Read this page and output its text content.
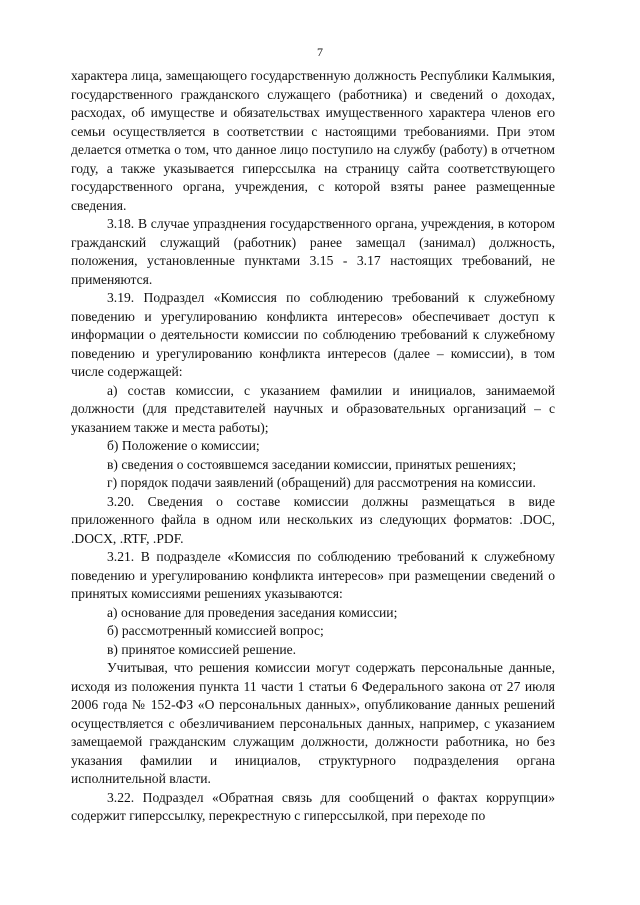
7

характера лица, замещающего государственную должность Республики Калмыкия, государственного гражданского служащего (работника) и сведений о доходах, расходах, об имуществе и обязательствах имущественного характера членов его семьи осуществляется в соответствии с настоящими требованиями. При этом делается отметка о том, что данное лицо поступило на службу (работу) в отчетном году, а также указывается гиперссылка на страницу сайта соответствующего государственного органа, учреждения, с которой взяты ранее размещенные сведения.

3.18. В случае упразднения государственного органа, учреждения, в котором гражданский служащий (работник) ранее замещал (занимал) должность, положения, установленные пунктами 3.15 - 3.17 настоящих требований, не применяются.

3.19. Подраздел «Комиссия по соблюдению требований к служебному поведению и урегулированию конфликта интересов» обеспечивает доступ к информации о деятельности комиссии по соблюдению требований к служебному поведению и урегулированию конфликта интересов (далее – комиссии), в том числе содержащей:

а) состав комиссии, с указанием фамилии и инициалов, занимаемой должности (для представителей научных и образовательных организаций – с указанием также и места работы);

б) Положение о комиссии;

в) сведения о состоявшемся заседании комиссии, принятых решениях;

г) порядок подачи заявлений (обращений) для рассмотрения на комиссии.

3.20. Сведения о составе комиссии должны размещаться в виде приложенного файла в одном или нескольких из следующих форматов: .DOC, .DOCX, .RTF, .PDF.

3.21. В подразделе «Комиссия по соблюдению требований к служебному поведению и урегулированию конфликта интересов» при размещении сведений о принятых комиссиями решениях указываются:

а) основание для проведения заседания комиссии;

б) рассмотренный комиссией вопрос;

в) принятое комиссией решение.

Учитывая, что решения комиссии могут содержать персональные данные, исходя из положения пункта 11 части 1 статьи 6 Федерального закона от 27 июля 2006 года № 152-ФЗ «О персональных данных», опубликование данных решений осуществляется с обезличиванием персональных данных, например, с указанием замещаемой гражданским служащим должности, должности работника, но без указания фамилии и инициалов, структурного подразделения органа исполнительной власти.

3.22. Подраздел «Обратная связь для сообщений о фактах коррупции» содержит гиперссылку, перекрестную с гиперссылкой, при переходе по
